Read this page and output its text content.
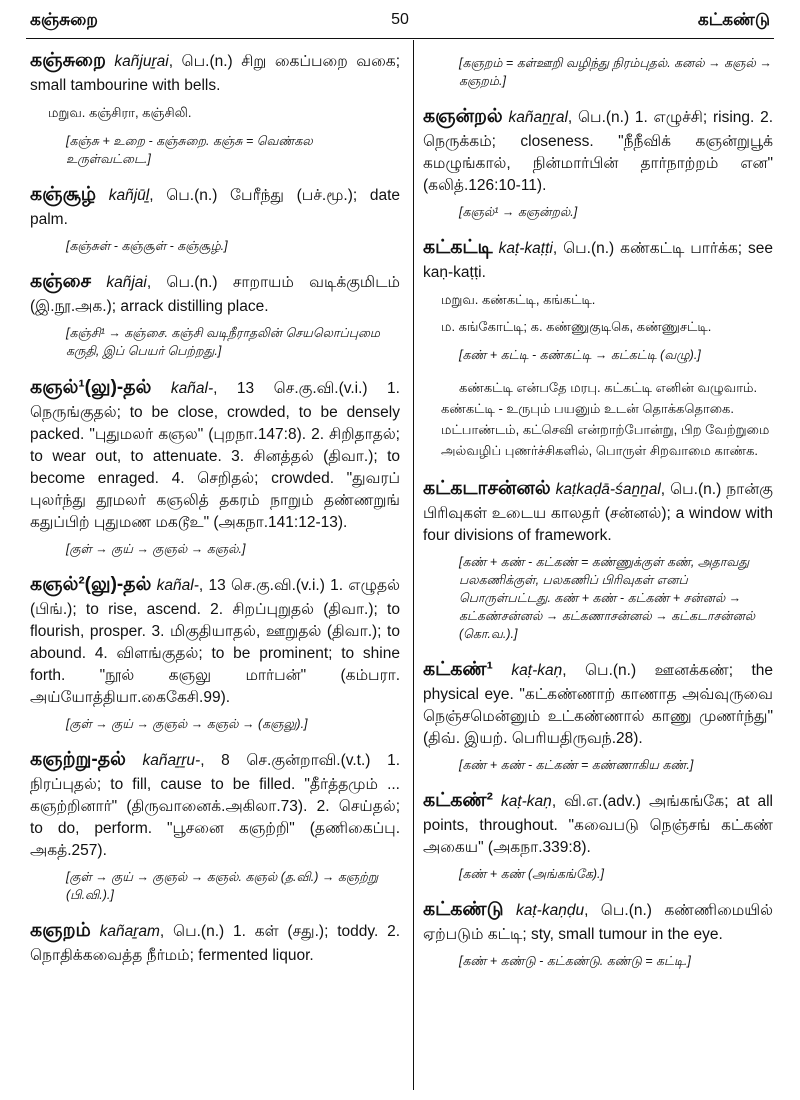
கஞ்சுறை	50	கட்கண்டு

கஞ்சுறை kañjuṟai, பெ.(n.) சிறு கைப்பறை வகை; small tambourine with bells.

மறுவ. கஞ்சிரா, கஞ்சிலி.

[கஞ்சு + உறை - கஞ்சுறை. கஞ்சு = வெண்கல உருள்வட்டை.]

கஞ்சூழ் kañjūḻ, பெ.(n.) பேரீந்து (பச்.மூ.); date palm.

[கஞ்சுள் - கஞ்சூள் - கஞ்சூழ்.]

கஞ்சை kañjai, பெ.(n.) சாறாயம் வடிக்குமிடம் (இ.நூ.அக.); arrack distilling place.

[கஞ்சி¹ → கஞ்சை. கஞ்சி வடிநீராதலின் செயலொப்புமை கருதி, இப் பெயர் பெற்றது.]

கஞல்¹(லு)-தல் kañal-, 13 செ.கு.வி.(v.i.) 1. நெருங்குதல்; to be close, crowded, to be densely packed. "புதுமலர் கஞல" (புறநா.147:8). 2. சிறிதாதல்; to wear out, to attenuate. 3. சினத்தல் (திவா.); to become enraged. 4. செறிதல்; crowded. "துவரப் புலர்ந்து தூமலர் கஞலித் தகரம் நாறும் தண்ணறுங் கதுப்பிற் புதுமண மகடூஉ" (அகநா.141:12-13).

[குள் → குய் → குஞல் → கஞல்.]

கஞல்²(லு)-தல் kañal-, 13 செ.கு.வி.(v.i.) 1. எழுதல் (பிங்.); to rise, ascend. 2. சிறப்புறுதல் (திவா.); to flourish, prosper. 3. மிகுதியாதல், ஊறுதல் (திவா.); to abound. 4. விளங்குதல்; to be prominent; to shine forth. "நூல் கஞலு மார்பன்" (கம்பரா. அய்யோத்தியா.கைகேசி.99).

[குள் → குய் → குஞல் → கஞல் → (கஞலு).]

கஞற்று-தல் kañaṟṟu-, 8 செ.குன்றாவி.(v.t.) 1. நிரப்புதல்; to fill, cause to be filled. "தீர்த்தமும் ... கஞற்றினார்" (திருவானைக்.அகிலா.73). 2. செய்தல்; to do, perform. "பூசனை கஞற்றி" (தணிகைப்பு. அகத்.257).

[குள் → குய் → குஞல் → கஞல். கஞல் (த.வி.) → கஞற்று (பி.வி.).]

கஞறம் kañaṟam, பெ.(n.) 1. கள் (சது.); toddy. 2. நொதிக்கவைத்த நீர்மம்; fermented liquor.

[கஞறம் = கள்ஊறி வழிந்து நிரம்புதல். கனல் → கஞல் → கஞறம்.]

கஞன்றல் kañaṉṟal, பெ.(n.) 1. எழுச்சி; rising. 2. நெருக்கம்; closeness. "நீநீவிக் கஞன்றுபூக் கமழுங்கால், நின்மார்பின் தார்நாற்றம் என" (கலித்.126:10-11).

[கஞல்¹ → கஞன்றல்.]

கட்கட்டி kaṭ-kaṭṭi, பெ.(n.) கண்கட்டி பார்க்க; see kaṇ-kaṭṭi.

மறுவ. கண்கட்டி, கங்கட்டி.

ம. கங்கோட்டி; க. கண்ணுகுடிகெ, கண்ணுசட்டி.

[கண் + கட்டி - கண்கட்டி → கட்கட்டி (வழு).]

கண்கட்டி என்பதே மரபு. கட்கட்டி எனின் வழுவாம். கண்கட்டி - உருபும் பயனும் உடன் தொக்கதொகை. மட்பாண்டம், கட்செவி என்றாற்போன்று, பிற வேற்றுமை அல்வழிப் புணர்ச்சிகளில், பொருள் சிறவாமை காண்க.

கட்கடாசன்னல் kaṭkaḍā-śaṉṉal, பெ.(n.) நான்கு பிரிவுகள் உடைய காலதர் (சன்னல்); a window with four divisions of framework.

[கண் + கண் - கட்கண் = கண்ணுக்குள் கண், அதாவது பலகணிக்குள், பலகணிப் பிரிவுகள் எனப் பொருள்பட்டது. கண் + கண் - கட்கண் + சன்னல் → கட்கண்சன்னல் → கட்கணாசன்னல் → கட்கடாசன்னல் (கொ.வ.).]

கட்கண்¹ kaṭ-kaṇ, பெ.(n.) ஊனக்கண்; the physical eye. "கட்கண்ணாற் காணாத அவ்வுருவை நெஞ்சமென்னும் உட்கண்ணால் காணு முணர்ந்து" (திவ். இயற். பெரியதிருவந்.28).

[கண் + கண் - கட்கண் = கண்ணாகிய கண்.]

கட்கண்² kaṭ-kaṇ, வி.எ.(adv.) அங்கங்கே; at all points, throughout. "கவைபடு நெஞ்சங் கட்கண் அகைய" (அகநா.339:8).

[கண் + கண் (அங்கங்கே).]

கட்கண்டு kaṭ-kaṇḍu, பெ.(n.) கண்ணிமையில் ஏற்படும் கட்டி; sty, small tumour in the eye.

[கண் + கண்டு - கட்கண்டு. கண்டு = கட்டி.]
